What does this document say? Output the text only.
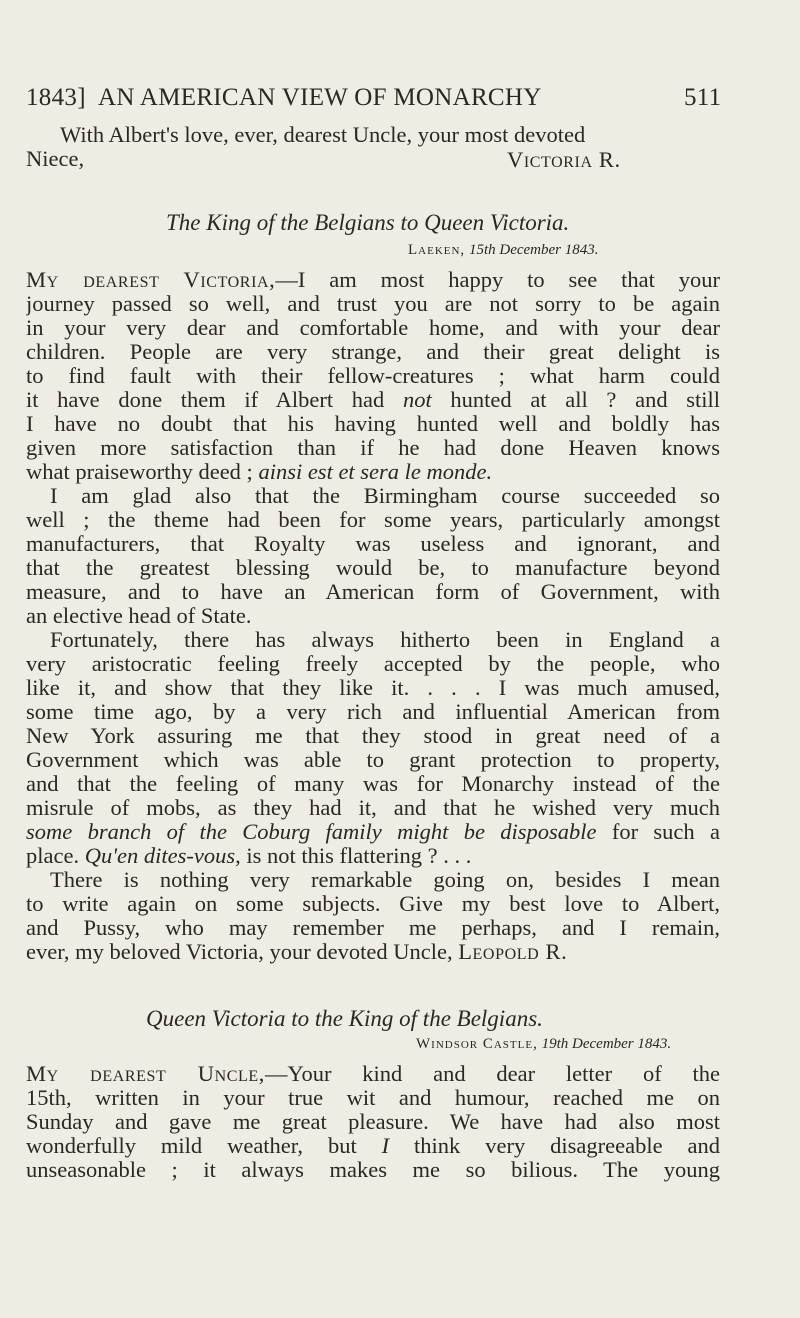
1843] AN AMERICAN VIEW OF MONARCHY	511
With Albert's love, ever, dearest Uncle, your most devoted
Niece,	Victoria R.
The King of the Belgians to Queen Victoria.
Laeken, 15th December 1843.
My dearest Victoria,—I am most happy to see that your
journey passed so well, and trust you are not sorry to be again
in your very dear and comfortable home, and with your dear
children. People are very strange, and their great delight is
to find fault with their fellow-creatures ; what harm could
it have done them if Albert had not hunted at all ? and still
I have no doubt that his having hunted well and boldly has
given more satisfaction than if he had done Heaven knows
what praiseworthy deed ; ainsi est et sera le monde.
I am glad also that the Birmingham course succeeded so
well ; the theme had been for some years, particularly amongst
manufacturers, that Royalty was useless and ignorant, and
that the greatest blessing would be, to manufacture beyond
measure, and to have an American form of Government, with
an elective head of State.
Fortunately, there has always hitherto been in England a
very aristocratic feeling freely accepted by the people, who
like it, and show that they like it. . . . I was much amused,
some time ago, by a very rich and influential American from
New York assuring me that they stood in great need of a
Government which was able to grant protection to property,
and that the feeling of many was for Monarchy instead of the
misrule of mobs, as they had it, and that he wished very much
some branch of the Coburg family might be disposable for such a
place. Qu'en dites-vous, is not this flattering ? . . .
There is nothing very remarkable going on, besides I mean
to write again on some subjects. Give my best love to Albert,
and Pussy, who may remember me perhaps, and I remain,
ever, my beloved Victoria, your devoted Uncle, Leopold R.
Queen Victoria to the King of the Belgians.
Windsor Castle, 19th December 1843.
My dearest Uncle,—Your kind and dear letter of the
15th, written in your true wit and humour, reached me on
Sunday and gave me great pleasure. We have had also most
wonderfully mild weather, but I think very disagreeable and
unseasonable ; it always makes me so bilious. The young
